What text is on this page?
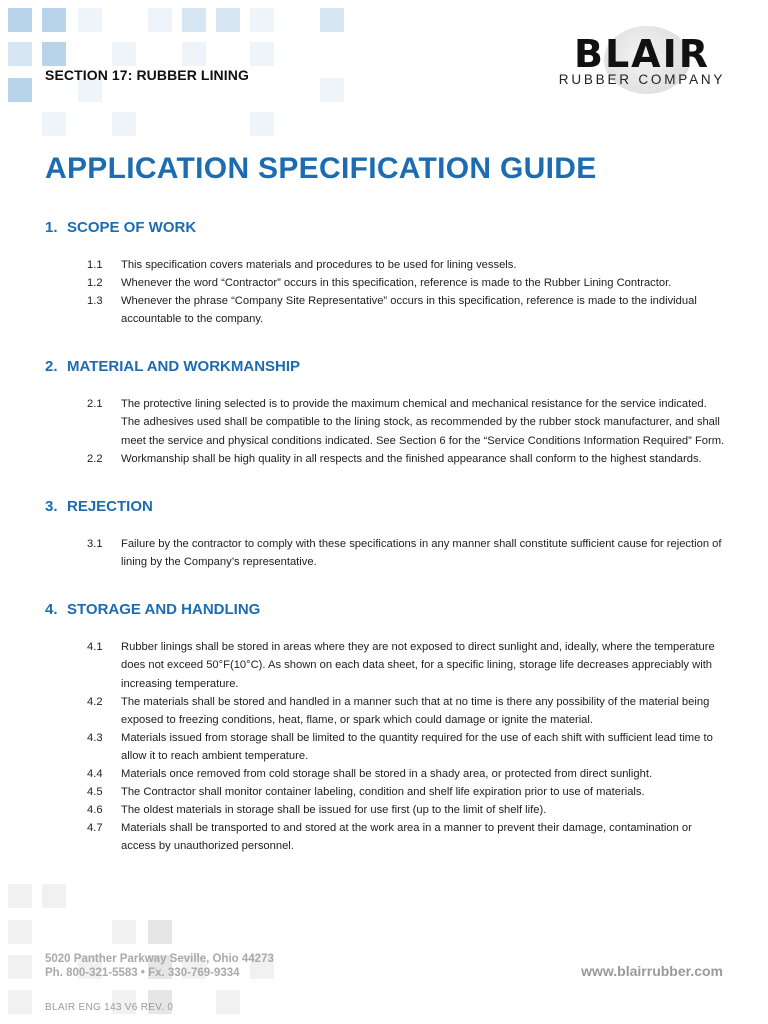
SECTION 17: RUBBER LINING	BLAIR
RUBBER COMPANY
APPLICATION SPECIFICATION GUIDE
1. SCOPE OF WORK
1.1	This specification covers materials and procedures to be used for lining vessels.
1.2	Whenever the word “Contractor” occurs in this specification, reference is made to the Rubber Lining Contractor.
1.3	Whenever the phrase “Company Site Representative” occurs in this specification, reference is made to the individual accountable to the company.
2. MATERIAL AND WORKMANSHIP
2.1	The protective lining selected is to provide the maximum chemical and mechanical resistance for the service indicated. The adhesives used shall be compatible to the lining stock, as recommended by the rubber stock manufacturer, and shall meet the service and physical conditions indicated. See Section 6 for the “Service Conditions Information Required” Form.
2.2	Workmanship shall be high quality in all respects and the finished appearance shall conform to the highest standards.
3. REJECTION
3.1	Failure by the contractor to comply with these specifications in any manner shall constitute sufficient cause for rejection of lining by the Company’s representative.
4. STORAGE AND HANDLING
4.1	Rubber linings shall be stored in areas where they are not exposed to direct sunlight and, ideally, where the temperature does not exceed 50°F(10°C). As shown on each data sheet, for a specific lining, storage life decreases appreciably with increasing temperature.
4.2	The materials shall be stored and handled in a manner such that at no time is there any possibility of the material being exposed to freezing conditions, heat, flame, or spark which could damage or ignite the material.
4.3	Materials issued from storage shall be limited to the quantity required for the use of each shift with sufficient lead time to allow it to reach ambient temperature.
4.4	Materials once removed from cold storage shall be stored in a shady area, or protected from direct sunlight.
4.5	The Contractor shall monitor container labeling, condition and shelf life expiration prior to use of materials.
4.6	The oldest materials in storage shall be issued for use first (up to the limit of shelf life).
4.7	Materials shall be transported to and stored at the work area in a manner to prevent their damage, contamination or access by unauthorized personnel.
5020 Panther Parkway Seville, Ohio 44273
Ph. 800-321-5583 • Fx. 330-769-9334	www.blairrubber.com
BLAIR ENG 143 V6 REV. 0
